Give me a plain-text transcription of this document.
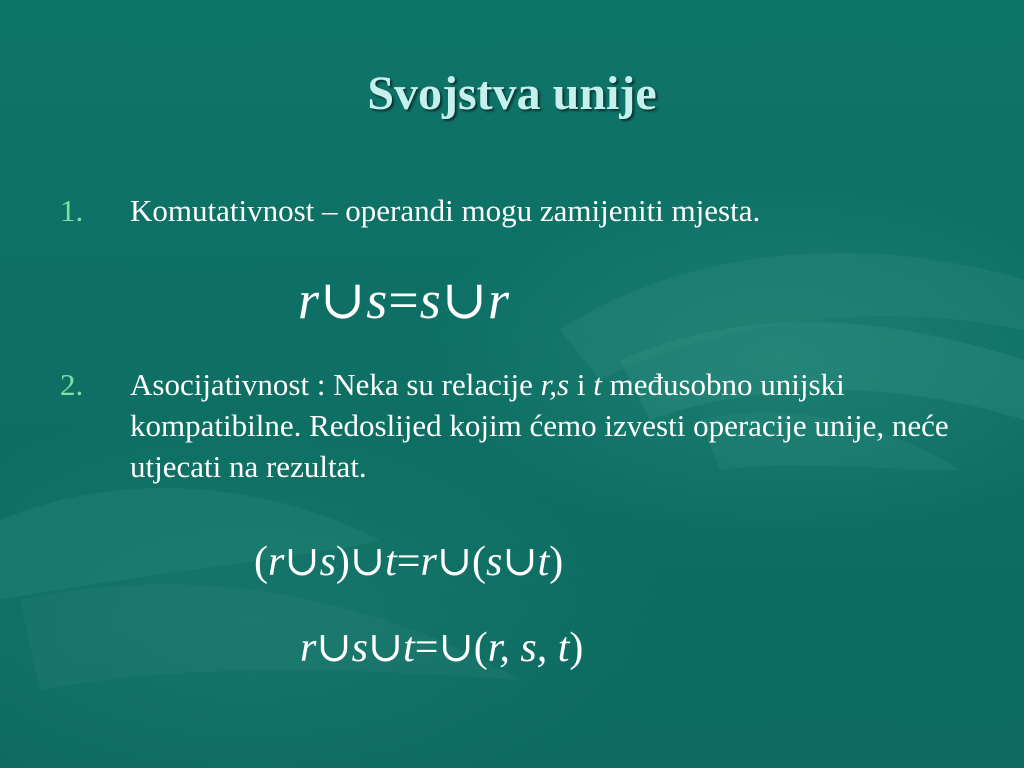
Svojstva unije
1.	Komutativnost – operandi mogu zamijeniti mjesta.
r∪s=s∪r
2.	Asocijativnost : Neka su relacije r,s i t međusobno unijski kompatibilne. Redoslijed kojim ćemo izvesti operacije unije, neće utjecati na rezultat.
(r∪s)∪t=r∪(s∪t)
r∪s∪t=∪(r, s, t)
